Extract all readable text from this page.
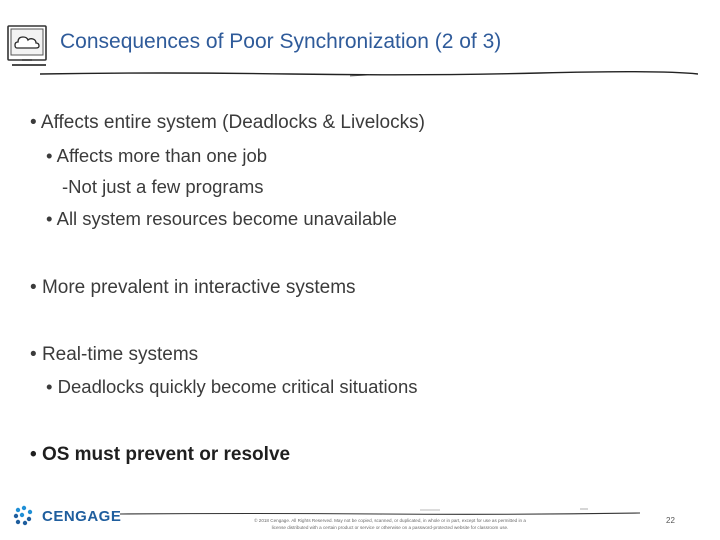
Consequences of Poor Synchronization (2 of 3)
• Affects entire system (Deadlocks & Livelocks)
• Affects more than one job
-Not just a few programs
• All system resources become unavailable
• More prevalent in interactive systems
• Real-time systems
• Deadlocks quickly become critical situations
• OS must prevent or resolve
CENGAGE	© 2018 Cengage. All Rights Reserved. May not be copied, scanned, or duplicated, in whole or in part, except for use as permitted in a
license distributed with a certain product or service or otherwise on a password-protected website for classroom use.
22
